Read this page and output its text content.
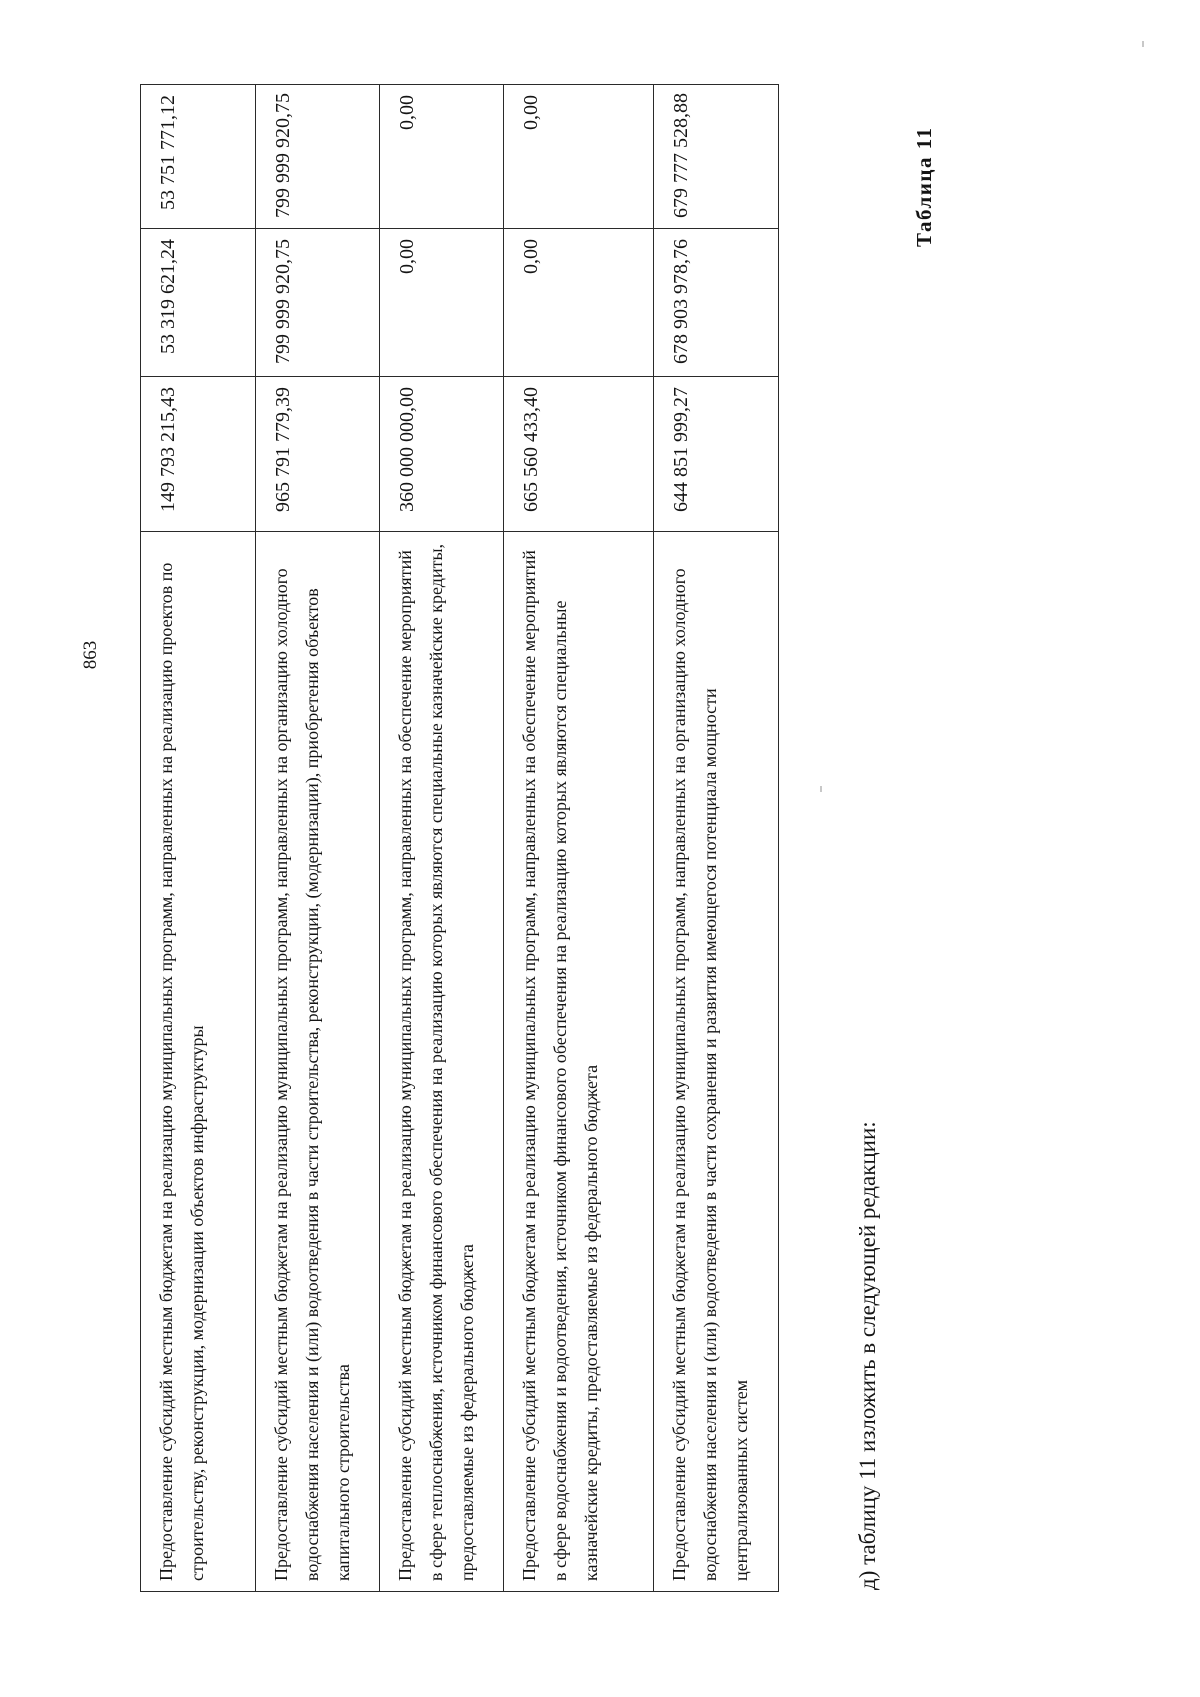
863	Предоставление субсидий местным бюджетам на реализацию муниципальных программ, направленных на реализацию проектов по строительству, реконструкции, модернизации объектов инфраструктуры	149 793 215,43	53 319 621,24	53 751 771,12
Предоставление субсидий местным бюджетам на реализацию муниципальных программ, направленных на организацию холодного водоснабжения населения и (или) водоотведения в части строительства, реконструкции, (модернизации), приобретения объектов капитального строительства	965 791 779,39	799 999 920,75	799 999 920,75
Предоставление субсидий местным бюджетам на реализацию муниципальных программ, направленных на обеспечение мероприятий в сфере теплоснабжения, источником финансового обеспечения на реализацию которых являются специальные казначейские кредиты, предоставляемые из федерального бюджета	360 000 000,00	0,00	0,00
Предоставление субсидий местным бюджетам на реализацию муниципальных программ, направленных на обеспечение мероприятий в сфере водоснабжения и водоотведения, источником финансового обеспечения на реализацию которых являются специальные казначейские кредиты, предоставляемые из федерального бюджета	665 560 433,40	0,00	0,00
Предоставление субсидий местным бюджетам на реализацию муниципальных программ, направленных на организацию холодного водоснабжения населения и (или) водоотведения в части сохранения и развития имеющегося потенциала мощности централизованных систем	644 851 999,27	678 903 978,76	679 777 528,88
д) таблицу 11 изложить в следующей редакции:
Таблица 11
